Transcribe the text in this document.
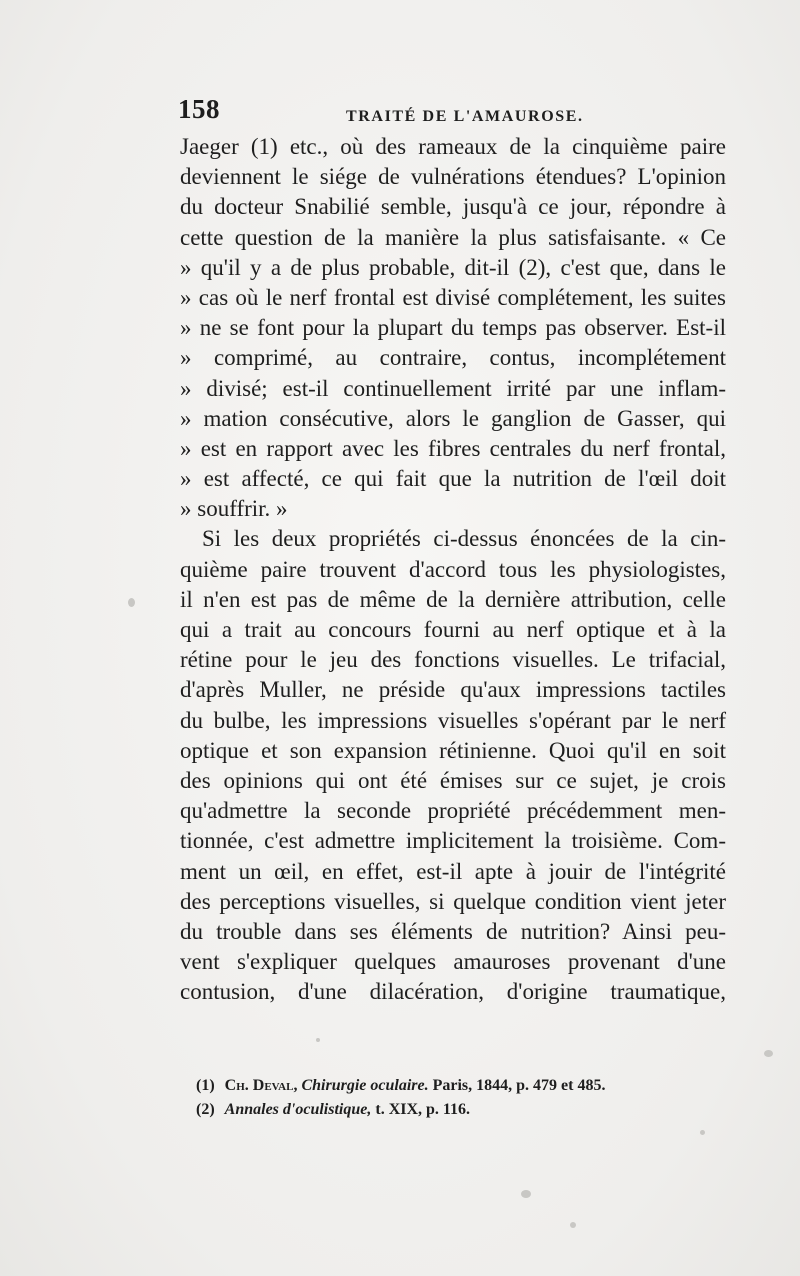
158	TRAITÉ DE L'AMAUROSE.
Jaeger (1) etc., où des rameaux de la cinquième paire
deviennent le siége de vulnérations étendues? L'opinion
du docteur Snabilié semble, jusqu'à ce jour, répondre à
cette question de la manière la plus satisfaisante. « Ce
» qu'il y a de plus probable, dit-il (2), c'est que, dans le
» cas où le nerf frontal est divisé complétement, les suites
» ne se font pour la plupart du temps pas observer. Est-il
» comprimé, au contraire, contus, incomplétement
» divisé; est-il continuellement irrité par une inflam-
» mation consécutive, alors le ganglion de Gasser, qui
» est en rapport avec les fibres centrales du nerf frontal,
» est affecté, ce qui fait que la nutrition de l'œil doit
» souffrir. »
Si les deux propriétés ci-dessus énoncées de la cin-
quième paire trouvent d'accord tous les physiologistes,
il n'en est pas de même de la dernière attribution, celle
qui a trait au concours fourni au nerf optique et à la
rétine pour le jeu des fonctions visuelles. Le trifacial,
d'après Muller, ne préside qu'aux impressions tactiles
du bulbe, les impressions visuelles s'opérant par le nerf
optique et son expansion rétinienne. Quoi qu'il en soit
des opinions qui ont été émises sur ce sujet, je crois
qu'admettre la seconde propriété précédemment men-
tionnée, c'est admettre implicitement la troisième. Com-
ment un œil, en effet, est-il apte à jouir de l'intégrité
des perceptions visuelles, si quelque condition vient jeter
du trouble dans ses éléments de nutrition? Ainsi peu-
vent s'expliquer quelques amauroses provenant d'une
contusion, d'une dilacération, d'origine traumatique,
(1) Ch. Deval, Chirurgie oculaire. Paris, 1844, p. 479 et 485.
(2) Annales d'oculistique, t. XIX, p. 116.
